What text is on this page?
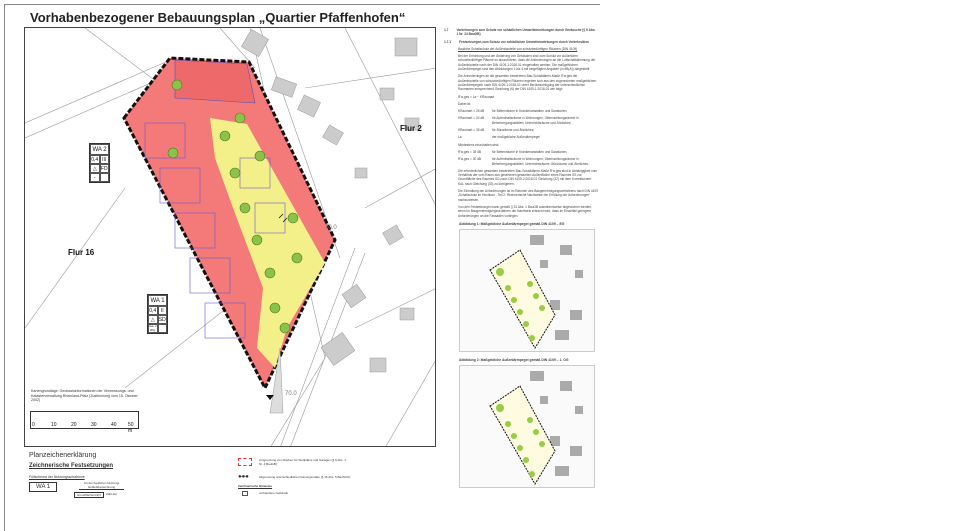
Vorhabenbezogener Bebauungsplan „Quartier Pfaffenhofen“
Flur 16
Flur 2
70.0
70.0
WA 2
0,4 III
△ FD
-
WA 1
0,4 II
△ SD
max. 2 Whg.
Kartengrundlage: Geobasisinformationen der Vermessungs- und Katasterverwaltung Rheinland-Pfalz (Zustimmung vom 15. Oktober 2002)
0	10	20	30	40 50 m
Planzeichenerklärung
Zeichnerische Festsetzungen
Füllschema der Nutzungsschablone
WA 1
Art der baulichen Nutzung/ Gebietsbezeichnung
Grundflächenzahl	Zahl der
Umgrenzung von Flächen für Stellplätze und Garagen (§ 9 Abs. 1 Nr. 4 BauGB)
●-●-●	Abgrenzung unterschiedlicher Nutzungsmaße (§ 16 Abs. 5 BauNVO)
Zeichnerische Hinweise
vorhandene Gebäude
1.7	Vorkehrungen zum Schutz vor schädlichen Umwelteinwirkungen durch Geräusche (§ 9 Abs. 1 Nr. 24 BauGB)
1.7.1	Festsetzungen zum Schutz vor schädlichen Umwelteinwirkungen durch Verkehrslärm

Bauliche Schallschutz der Außenbauteile von schutzbedürftigen Räumen (DIN 4109)

Bei der Errichtung und der Änderung von Gebäuden sind zum Schutz vor Außenlärm schutzbedürftiger Räume so auszuführen, dass die Anforderungen an die Luftschalldämmung der Außenbauteile nach der DIN 4109-1:2018-01 eingehalten werden. Die maßgeblichen Außenlärmpegel sind den Abbildungen 1 bis 4 mit beigefügten Angaben (in dB(A)) dargestellt.

Die Anforderungen an die gesamten bewerteten Bau-Schalldämm-Maße R'w,ges der Außenbauteile von schutzbedürftigen Räumen ergeben sich aus den zugeordneten maßgeblichen Außenlärmpegeln nach DIN 4109-1:2018-01 unter Berücksichtigung der unterschiedlichen Raumarten entsprechend Gleichung (6) der DIN 4109-1:2018-01 wie folgt:

R'w,ges = La − KRaumart

Dabei ist

KRaumart = 25 dB	für Bettenräume in Krankenanstalten und Sanatorien;

KRaumart = 30 dB	für Aufenthaltsräume in Wohnungen, Übernachtungsräume in Beherbergungsstätten, Unterrichtsräume und Ähnliches;

KRaumart = 35 dB	für Büroräume und Ähnliches;

La	der maßgebliche Außenlärmpegel

Mindestens einzuhalten sind:

R'w,ges = 35 dB	für Bettenräume in Krankenanstalten und Sanatorien;

R'w,ges = 30 dB	für Aufenthaltsräume in Wohnungen, Übernachtungsräume in Beherbergungsstätten, Unterrichtsräume, Büroräume und Ähnliches.

Die erforderlichen gesamten bewerteten Bau-Schalldämm-Maße R'w,ges sind in Abhängigkeit vom Verhältnis der vom Raum aus gesehenen gesamten Außenfläche eines Raumes SS zur Grundfläche des Raumes SG nach DIN 4109-2:2018-01 Gleichung (32) mit dem Korrekturwert KAL nach Gleichung (33) zu korrigieren.

Die Einhaltung der Anforderungen ist im Rahmen des Baugenehmigungsverfahrens nach DIN 4109 „Schallschutz im Hochbau - Teil 2: Rechnerische Nachweise der Erfüllung der Anforderungen“ nachzuweisen.

Von den Festsetzungen kann gemäß § 31 Abs. 1 BauGB ausnahmsweise abgewichen werden, wenn im Baugenehmigungsverfahren der Nachweis erbracht wird, dass im Einzelfall geringere Anforderungen an die Fassaden vorliegen.

Abbildung 1: Maßgebliche Außenlärmpegel gemäß DIN 4109 – EG
Abbildung 2: Maßgebliche Außenlärmpegel gemäß DIN 4109 – 1. OG
